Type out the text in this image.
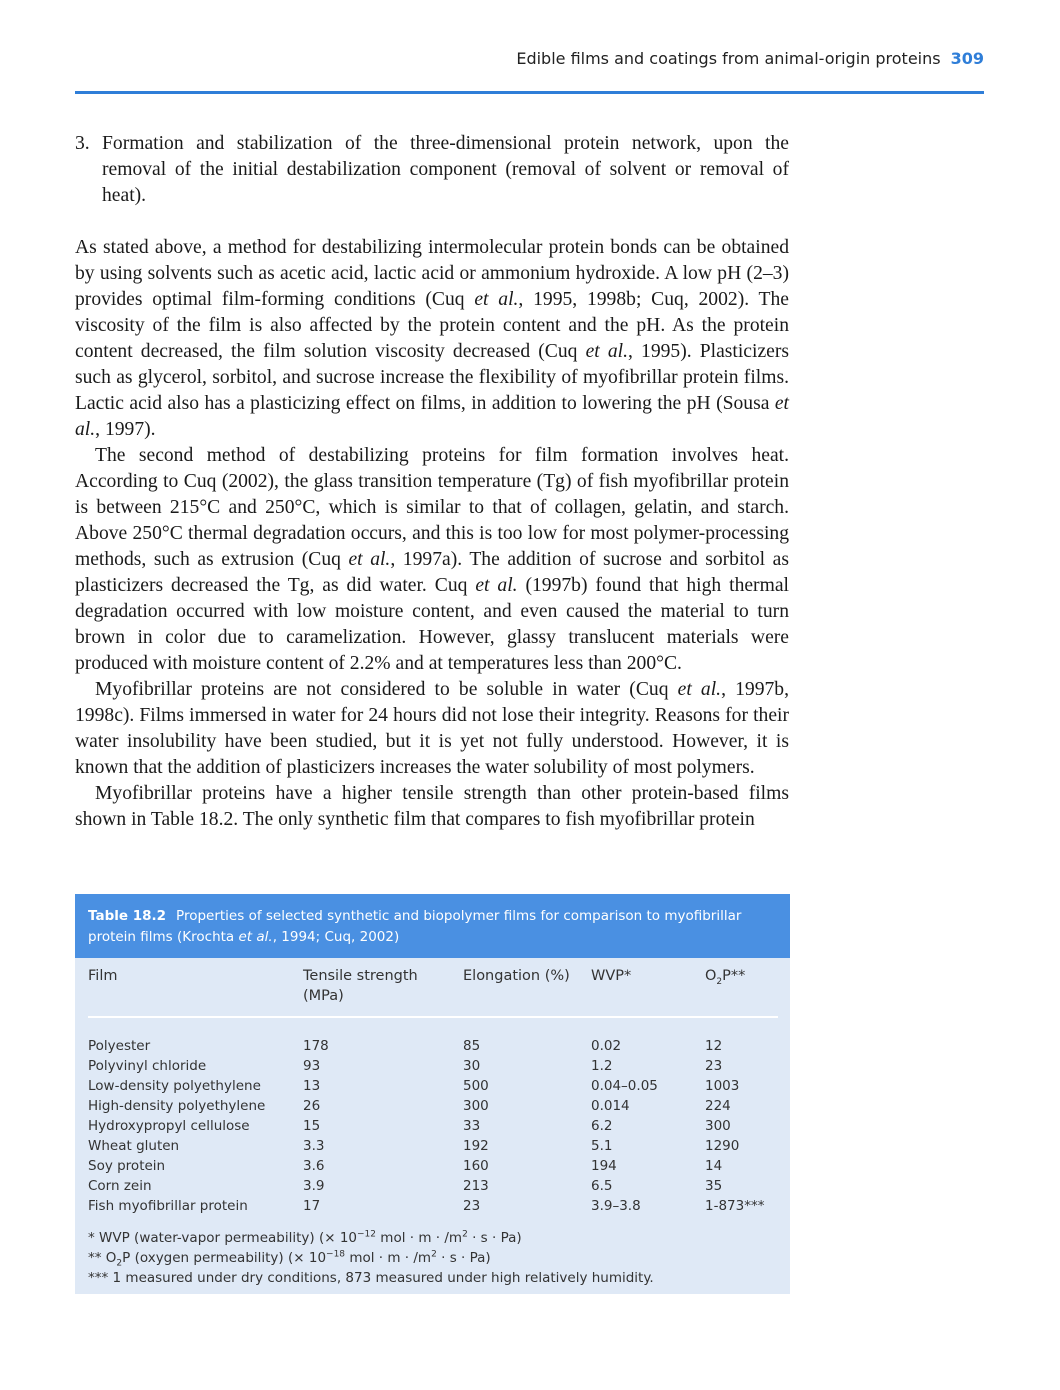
Edible films and coatings from animal-origin proteins 309
3. Formation and stabilization of the three-dimensional protein network, upon the removal of the initial destabilization component (removal of solvent or removal of heat).

As stated above, a method for destabilizing intermolecular protein bonds can be obtained by using solvents such as acetic acid, lactic acid or ammonium hydroxide. A low pH (2–3) provides optimal film-forming conditions (Cuq et al., 1995, 1998b; Cuq, 2002). The viscosity of the film is also affected by the protein content and the pH. As the protein content decreased, the film solution viscosity decreased (Cuq et al., 1995). Plasticizers such as glycerol, sorbitol, and sucrose increase the flexibility of myofibrillar protein films. Lactic acid also has a plasticizing effect on films, in addition to lowering the pH (Sousa et al., 1997).

The second method of destabilizing proteins for film formation involves heat. According to Cuq (2002), the glass transition temperature (Tg) of fish myofibrillar protein is between 215°C and 250°C, which is similar to that of collagen, gelatin, and starch. Above 250°C thermal degradation occurs, and this is too low for most polymer-processing methods, such as extrusion (Cuq et al., 1997a). The addition of sucrose and sorbitol as plasticizers decreased the Tg, as did water. Cuq et al. (1997b) found that high thermal degradation occurred with low moisture content, and even caused the material to turn brown in color due to caramelization. However, glassy translucent materials were produced with moisture content of 2.2% and at temperatures less than 200°C.

Myofibrillar proteins are not considered to be soluble in water (Cuq et al., 1997b, 1998c). Films immersed in water for 24 hours did not lose their integrity. Reasons for their water insolubility have been studied, but it is yet not fully understood. However, it is known that the addition of plasticizers increases the water solubility of most polymers.

Myofibrillar proteins have a higher tensile strength than other protein-based films shown in Table 18.2. The only synthetic film that compares to fish myofibrillar protein

Table 18.2 Properties of selected synthetic and biopolymer films for comparison to myofibrillar protein films (Krochta et al., 1994; Cuq, 2002)
Film	Tensile strength (MPa)	Elongation (%)	WVP*	$O_2P**$
Polyester	178	85	0.02	12
Polyvinyl chloride	93	30	1.2	23
Low-density polyethylene	13	500	0.04–0.05	1003
High-density polyethylene	26	300	0.014	224
Hydroxypropyl cellulose	15	33	6.2	300
Wheat gluten	3.3	192	5.1	1290
Soy protein	3.6	160	194	14
Corn zein	3.9	213	6.5	35
Fish myofibrillar protein	17	23	3.9–3.8	1-873***
* WVP (water-vapor permeability) (× $10^{-12}$ mol · $m \cdot /m^2 \cdot s \cdot Pa$)
** $O_2P$ (oxygen permeability) (× $10^{-18}$ mol · $m \cdot /m^2 \cdot s \cdot Pa$)
*** 1 measured under dry conditions, 873 measured under high relatively humidity.
